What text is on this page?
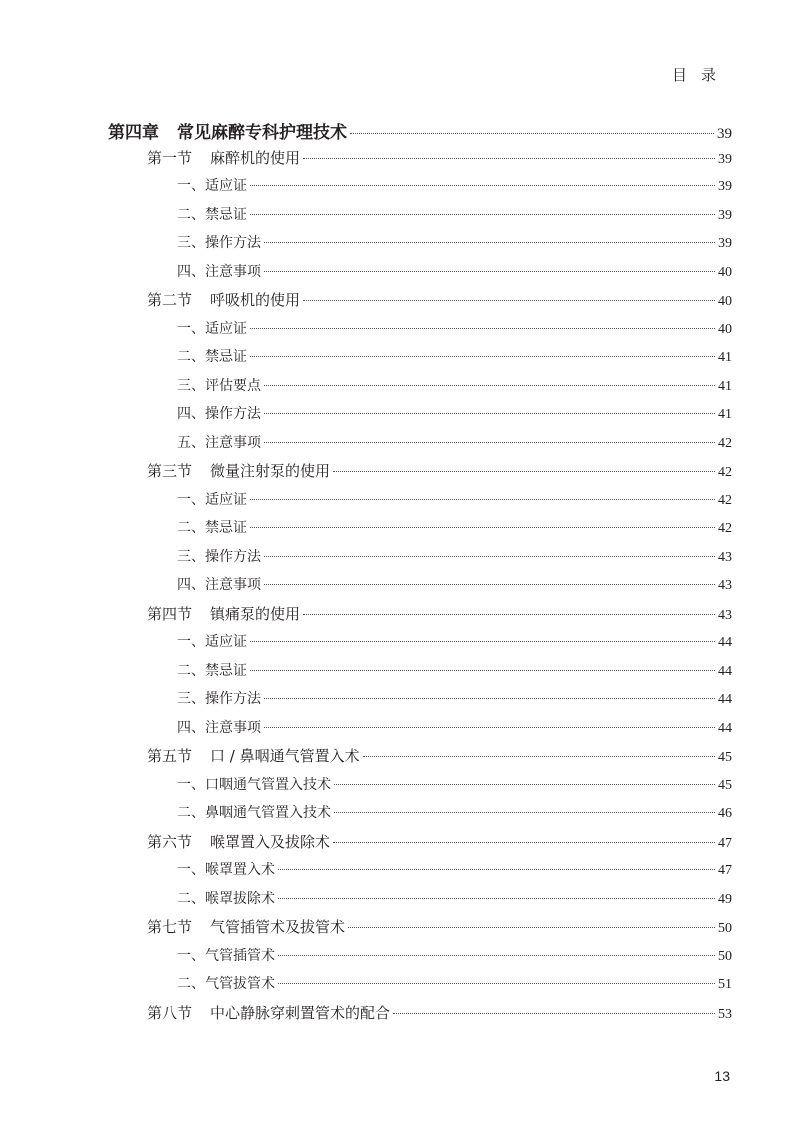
目录
第四章 常见麻醉专科护理技术	39
第一节 麻醉机的使用	39
一、适应证	39
二、禁忌证	39
三、操作方法	39
四、注意事项	40
第二节 呼吸机的使用	40
一、适应证	40
二、禁忌证	41
三、评估要点	41
四、操作方法	41
五、注意事项	42
第三节 微量注射泵的使用	42
一、适应证	42
二、禁忌证	42
三、操作方法	43
四、注意事项	43
第四节 镇痛泵的使用	43
一、适应证	44
二、禁忌证	44
三、操作方法	44
四、注意事项	44
第五节 口 / 鼻咽通气管置入术	45
一、口咽通气管置入技术	45
二、鼻咽通气管置入技术	46
第六节 喉罩置入及拔除术	47
一、喉罩置入术	47
二、喉罩拔除术	49
第七节 气管插管术及拔管术	50
一、气管插管术	50
二、气管拔管术	51
第八节 中心静脉穿刺置管术的配合	53
13
